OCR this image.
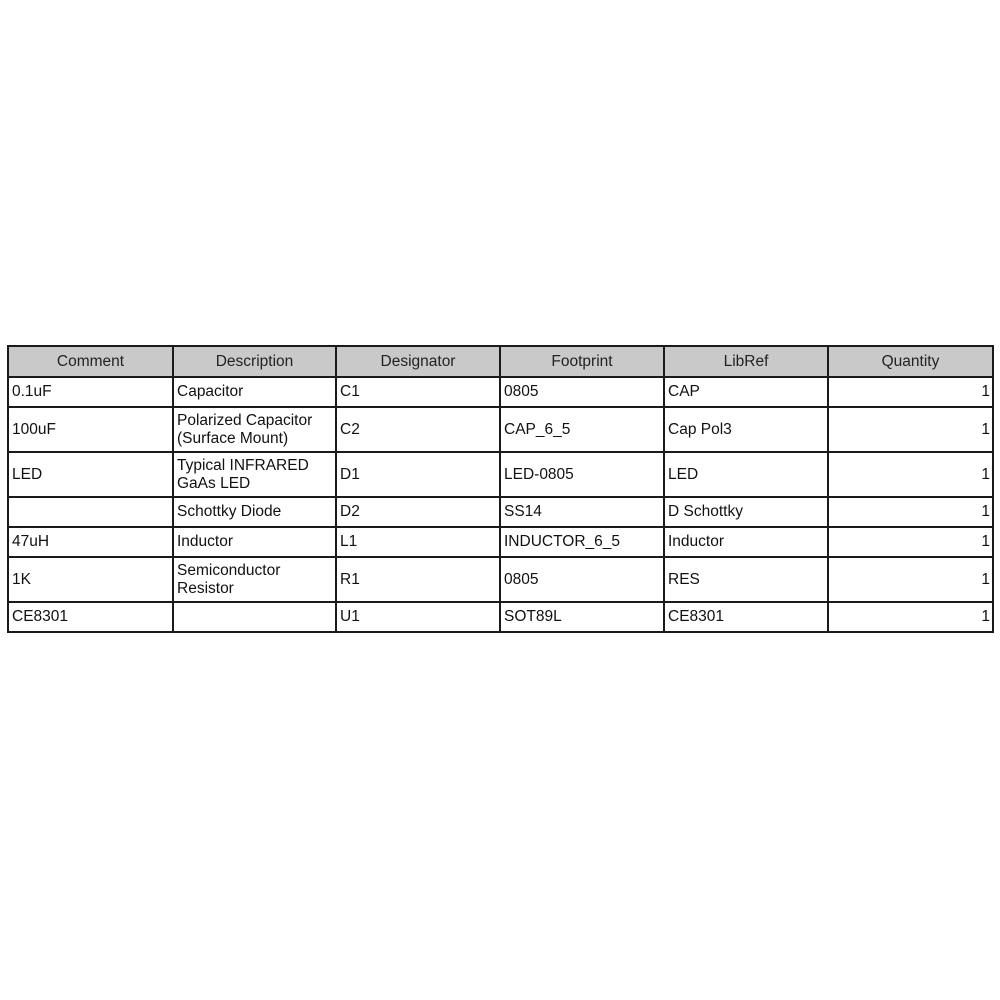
Comment	Description	Designator	Footprint	LibRef	Quantity
0.1uF	Capacitor	C1	0805	CAP	1
100uF	Polarized Capacitor (Surface Mount)	C2	CAP_6_5	Cap Pol3	1
LED	Typical INFRARED GaAs LED	D1	LED-0805	LED	1
	Schottky Diode	D2	SS14	D Schottky	1
47uH	Inductor	L1	INDUCTOR_6_5	Inductor	1
1K	Semiconductor Resistor	R1	0805	RES	1
CE8301		U1	SOT89L	CE8301	1
